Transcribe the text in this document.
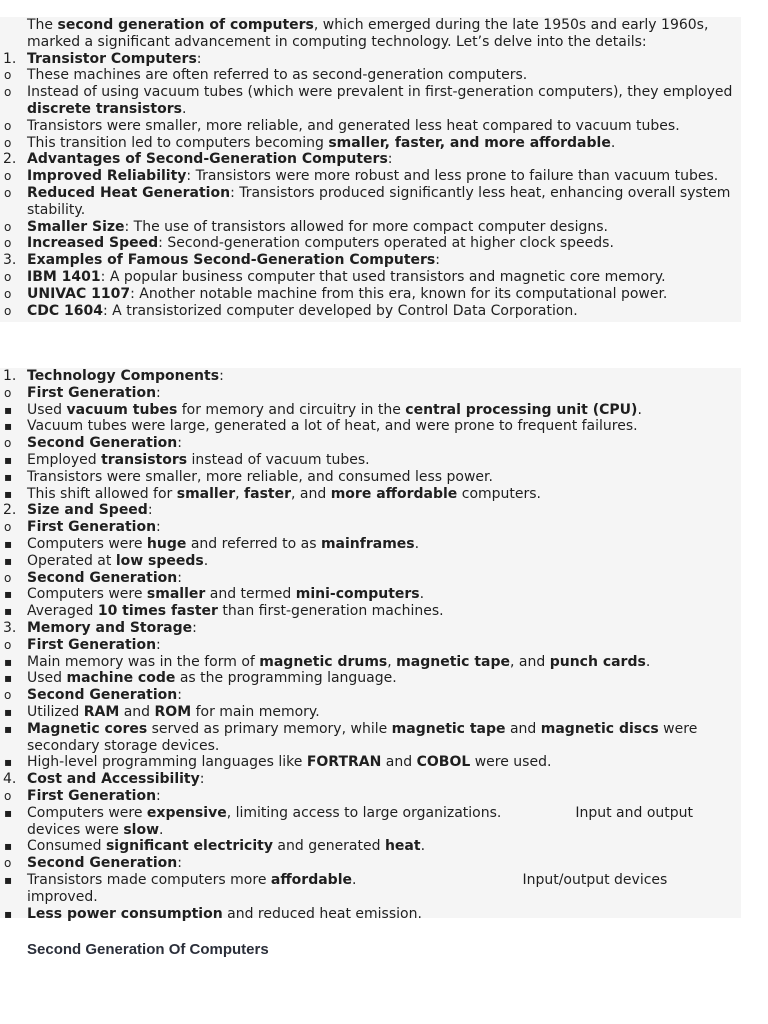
The second generation of computers, which emerged during the late 1950s and early 1960s, marked a significant advancement in computing technology. Let’s delve into the details:
1. Transistor Computers:
o	These machines are often referred to as second-generation computers.
o	Instead of using vacuum tubes (which were prevalent in first-generation computers), they employed discrete transistors.
o	Transistors were smaller, more reliable, and generated less heat compared to vacuum tubes.
o	This transition led to computers becoming smaller, faster, and more affordable.
2. Advantages of Second-Generation Computers:
o	Improved Reliability: Transistors were more robust and less prone to failure than vacuum tubes.
o	Reduced Heat Generation: Transistors produced significantly less heat, enhancing overall system stability.
o	Smaller Size: The use of transistors allowed for more compact computer designs.
o	Increased Speed: Second-generation computers operated at higher clock speeds.
3. Examples of Famous Second-Generation Computers:
o	IBM 1401: A popular business computer that used transistors and magnetic core memory.
o	UNIVAC 1107: Another notable machine from this era, known for its computational power.
o	CDC 1604: A transistorized computer developed by Control Data Corporation.
1. Technology Components:
o	First Generation:
▪	Used vacuum tubes for memory and circuitry in the central processing unit (CPU).
▪	Vacuum tubes were large, generated a lot of heat, and were prone to frequent failures.
o	Second Generation:
▪	Employed transistors instead of vacuum tubes.
▪	Transistors were smaller, more reliable, and consumed less power.
▪	This shift allowed for smaller, faster, and more affordable computers.
2. Size and Speed:
o	First Generation:
▪	Computers were huge and referred to as mainframes.
▪	Operated at low speeds.
o	Second Generation:
▪	Computers were smaller and termed mini-computers.
▪	Averaged 10 times faster than first-generation machines.
3. Memory and Storage:
o	First Generation:
▪	Main memory was in the form of magnetic drums, magnetic tape, and punch cards.
▪	Used machine code as the programming language.
o	Second Generation:
▪	Utilized RAM and ROM for main memory.
▪	Magnetic cores served as primary memory, while magnetic tape and magnetic discs were secondary storage devices.
▪	High-level programming languages like FORTRAN and COBOL were used.
4. Cost and Accessibility:
o	First Generation:
▪	Computers were expensive, limiting access to large organizations.	Input and output devices were slow.
▪	Consumed significant electricity and generated heat.
o	Second Generation:
▪	Transistors made computers more affordable.	Input/output devices improved.
▪	Less power consumption and reduced heat emission.
Second Generation Of Computers
